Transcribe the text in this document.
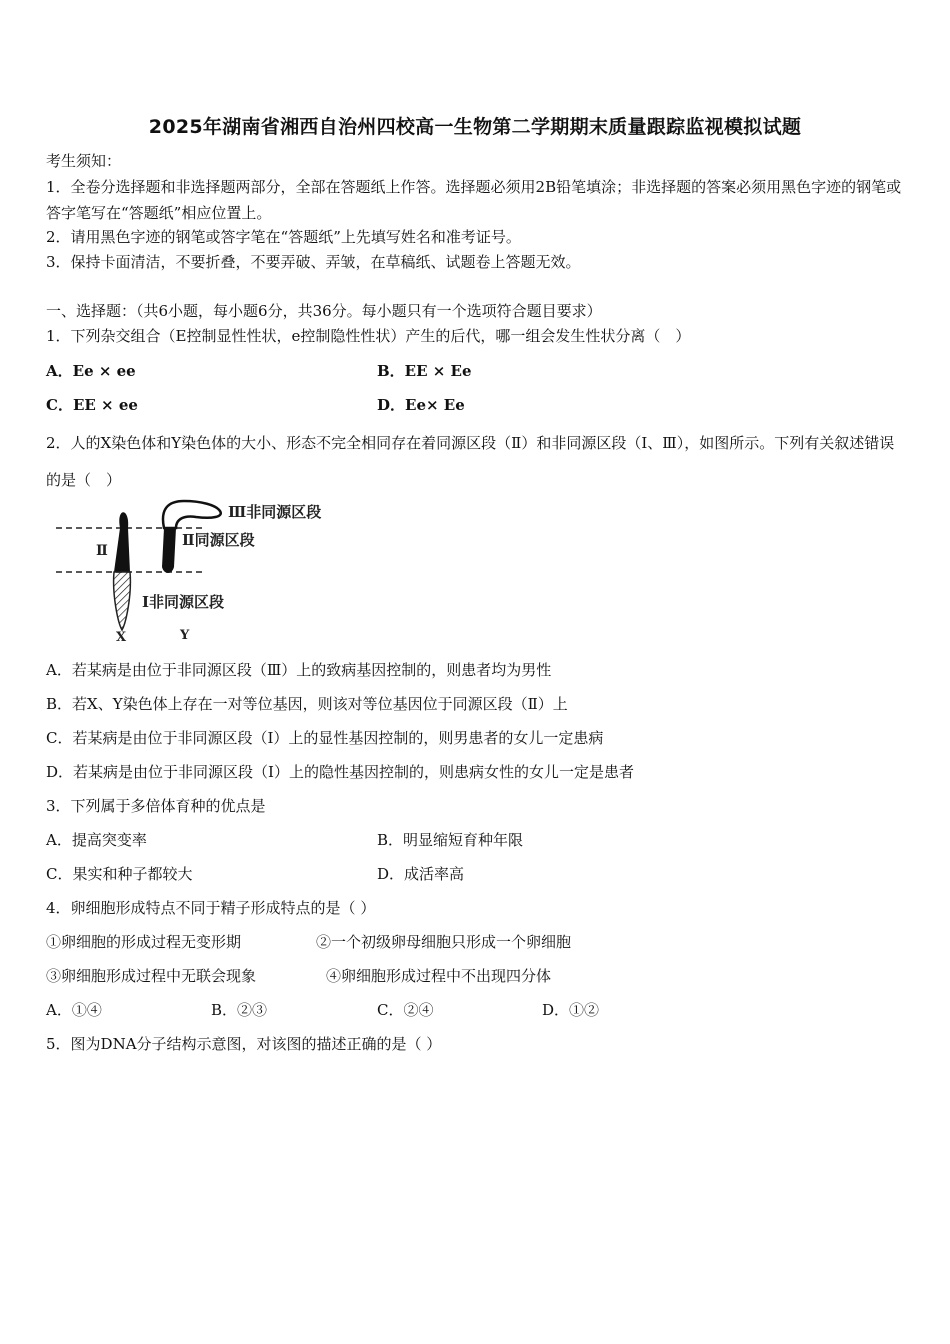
2025年湖南省湘西自治州四校高一生物第二学期期末质量跟踪监视模拟试题
考生须知：
1．全卷分选择题和非选择题两部分，全部在答题纸上作答。选择题必须用2B铅笔填涂；非选择题的答案必须用黑色字迹的钢笔或答字笔写在“答题纸”相应位置上。
2．请用黑色字迹的钢笔或答字笔在“答题纸”上先填写姓名和准考证号。
3．保持卡面清洁，不要折叠，不要弄破、弄皱，在草稿纸、试题卷上答题无效。
一、选择题：（共6小题，每小题6分，共36分。每小题只有一个选项符合题目要求）
1．下列杂交组合（E控制显性性状，e控制隐性性状）产生的后代，哪一组会发生性状分离（　）
A．Ee × ee	B．EE × Ee
C．EE × ee	D．Ee× Ee
2．人的X染色体和Y染色体的大小、形态不完全相同存在着同源区段（Ⅱ）和非同源区段（Ⅰ、Ⅲ），如图所示。下列有关叙述错误的是（　）
Ⅲ非同源区段
Ⅱ同源区段
Ⅰ非同源区段
Ⅱ
X	Y
A．若某病是由位于非同源区段（Ⅲ）上的致病基因控制的，则患者均为男性
B．若X、Y染色体上存在一对等位基因，则该对等位基因位于同源区段（Ⅱ）上
C．若某病是由位于非同源区段（I）上的显性基因控制的，则男患者的女儿一定患病
D．若某病是由位于非同源区段（I）上的隐性基因控制的，则患病女性的女儿一定是患者
3．下列属于多倍体育种的优点是
A．提高突变率	B．明显缩短育种年限
C．果实和种子都较大	D．成活率高
4．卵细胞形成特点不同于精子形成特点的是（ ）
①卵细胞的形成过程无变形期	②一个初级卵母细胞只形成一个卵细胞
③卵细胞形成过程中无联会现象	④卵细胞形成过程中不出现四分体
A．①④	B．②③	C．②④	D．①②
5．图为DNA分子结构示意图，对该图的描述正确的是（ ）
